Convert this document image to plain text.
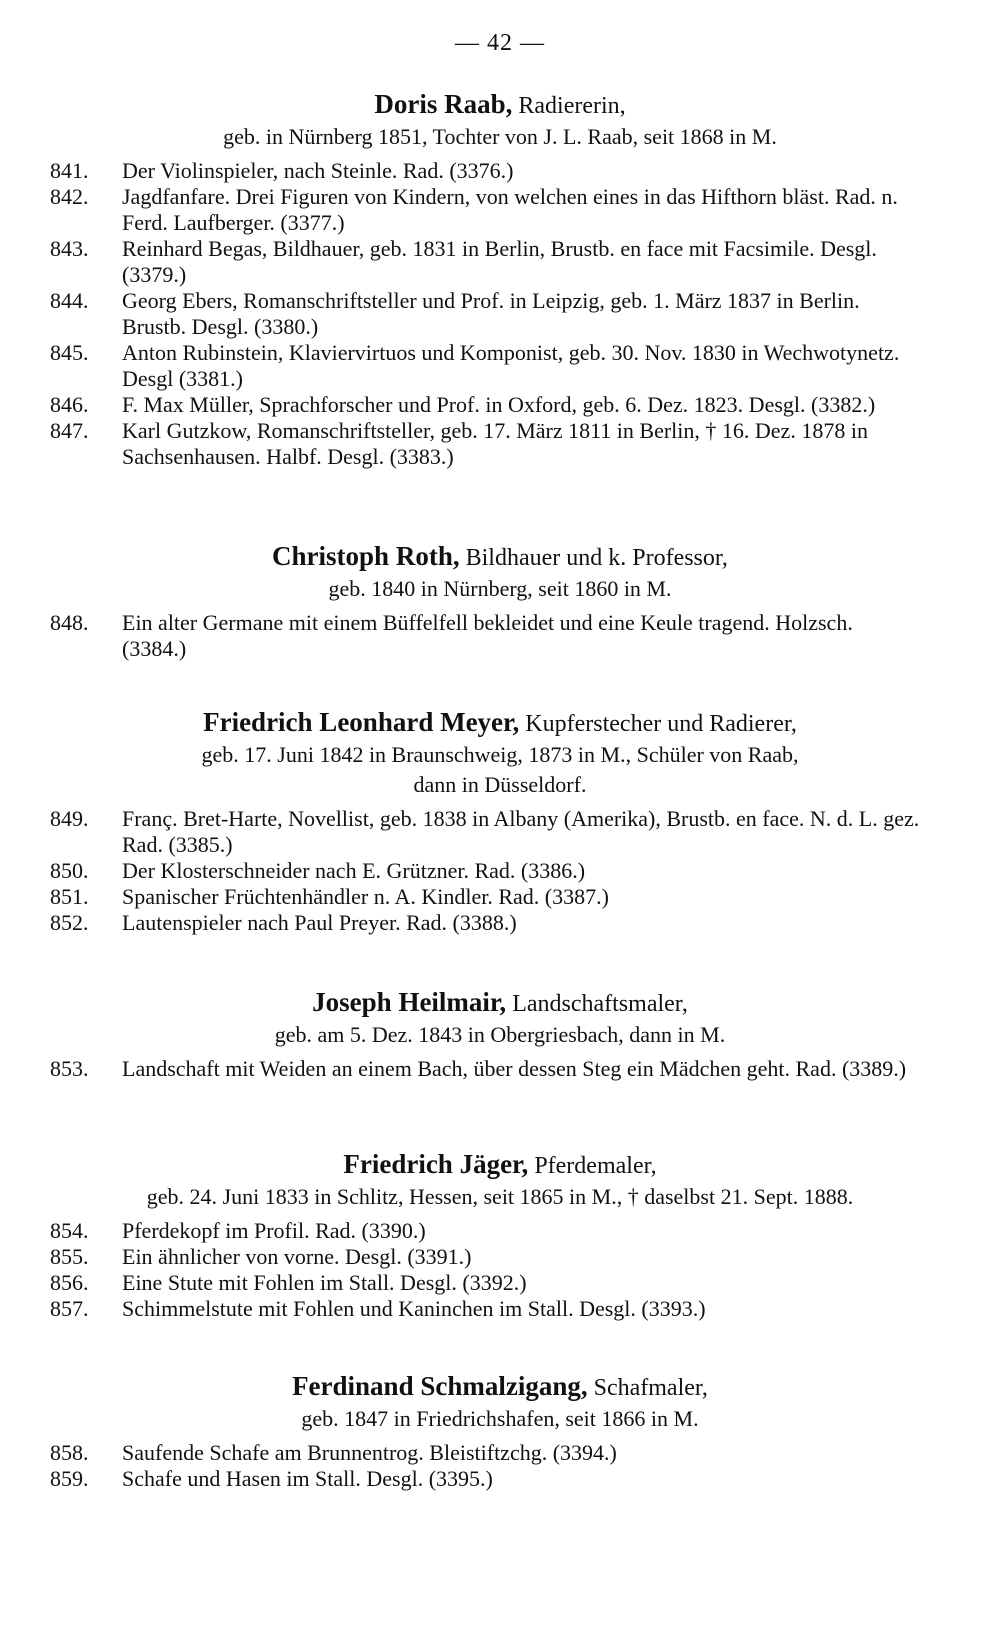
— 42 —
Doris Raab, Radiererin,
geb. in Nürnberg 1851, Tochter von J. L. Raab, seit 1868 in M.
841.	Der Violinspieler, nach Steinle. Rad. (3376.)
842.	Jagdfanfare. Drei Figuren von Kindern, von welchen eines in das Hifthorn bläst. Rad. n. Ferd. Laufberger. (3377.)
843.	Reinhard Begas, Bildhauer, geb. 1831 in Berlin, Brustb. en face mit Facsimile. Desgl. (3379.)
844.	Georg Ebers, Romanschriftsteller und Prof. in Leipzig, geb. 1. März 1837 in Berlin. Brustb. Desgl. (3380.)
845.	Anton Rubinstein, Klaviervirtuos und Komponist, geb. 30. Nov. 1830 in Wechwotynetz. Desgl (3381.)
846.	F. Max Müller, Sprachforscher und Prof. in Oxford, geb. 6. Dez. 1823. Desgl. (3382.)
847.	Karl Gutzkow, Romanschriftsteller, geb. 17. März 1811 in Berlin, † 16. Dez. 1878 in Sachsenhausen. Halbf. Desgl. (3383.)
Christoph Roth, Bildhauer und k. Professor,
geb. 1840 in Nürnberg, seit 1860 in M.
848.	Ein alter Germane mit einem Büffelfell bekleidet und eine Keule tragend. Holzsch. (3384.)
Friedrich Leonhard Meyer, Kupferstecher und Radierer,
geb. 17. Juni 1842 in Braunschweig, 1873 in M., Schüler von Raab,
dann in Düsseldorf.
849.	Franç. Bret-Harte, Novellist, geb. 1838 in Albany (Amerika), Brustb. en face. N. d. L. gez. Rad. (3385.)
850.	Der Klosterschneider nach E. Grützner. Rad. (3386.)
851.	Spanischer Früchtenhändler n. A. Kindler. Rad. (3387.)
852.	Lautenspieler nach Paul Preyer. Rad. (3388.)
Joseph Heilmair, Landschaftsmaler,
geb. am 5. Dez. 1843 in Obergriesbach, dann in M.
853.	Landschaft mit Weiden an einem Bach, über dessen Steg ein Mädchen geht. Rad. (3389.)
Friedrich Jäger, Pferdemaler,
geb. 24. Juni 1833 in Schlitz, Hessen, seit 1865 in M., † daselbst 21. Sept. 1888.
854.	Pferdekopf im Profil. Rad. (3390.)
855.	Ein ähnlicher von vorne. Desgl. (3391.)
856.	Eine Stute mit Fohlen im Stall. Desgl. (3392.)
857.	Schimmelstute mit Fohlen und Kaninchen im Stall. Desgl. (3393.)
Ferdinand Schmalzigang, Schafmaler,
geb. 1847 in Friedrichshafen, seit 1866 in M.
858.	Saufende Schafe am Brunnentrog. Bleistiftzchg. (3394.)
859.	Schafe und Hasen im Stall. Desgl. (3395.)
